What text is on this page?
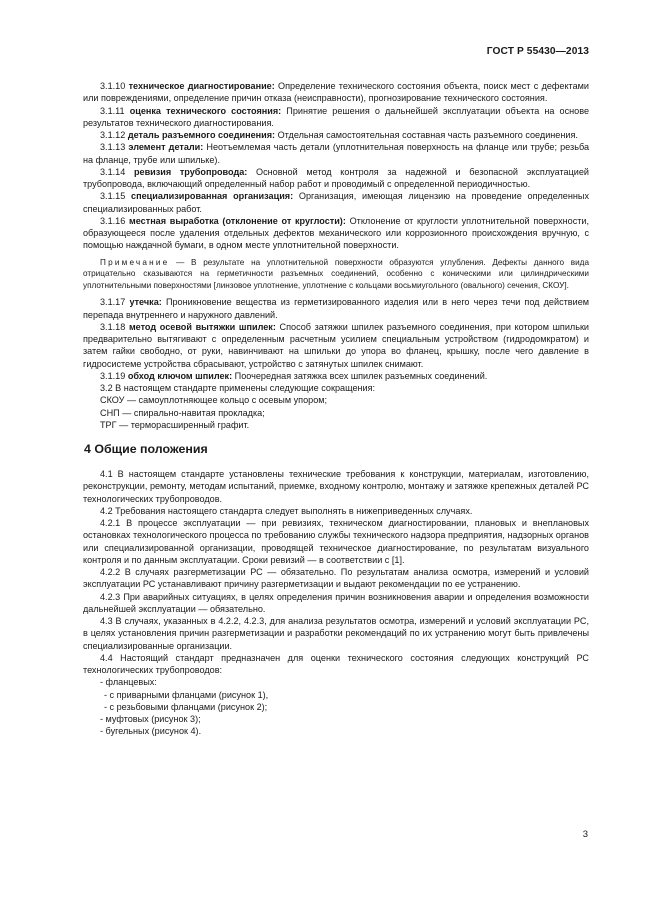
ГОСТ Р 55430—2013

3.1.10 техническое диагностирование: Определение технического состояния объекта, поиск мест с дефектами или повреждениями, определение причин отказа (неисправности), прогнозирование технического состояния.

3.1.11 оценка технического состояния: Принятие решения о дальнейшей эксплуатации объекта на основе результатов технического диагностирования.

3.1.12 деталь разъемного соединения: Отдельная самостоятельная составная часть разъемного соединения.

3.1.13 элемент детали: Неотъемлемая часть детали (уплотнительная поверхность на фланце или трубе; резьба на фланце, трубе или шпильке).

3.1.14 ревизия трубопровода: Основной метод контроля за надежной и безопасной эксплуатацией трубопровода, включающий определенный набор работ и проводимый с определенной периодичностью.

3.1.15 специализированная организация: Организация, имеющая лицензию на проведение определенных специализированных работ.

3.1.16 местная выработка (отклонение от круглости): Отклонение от круглости уплотнительной поверхности, образующееся после удаления отдельных дефектов механического или коррозионного происхождения вручную, с помощью наждачной бумаги, в одном месте уплотнительной поверхности.

Примечание — В результате на уплотнительной поверхности образуются углубления. Дефекты данного вида отрицательно сказываются на герметичности разъемных соединений, особенно с коническими или цилиндрическими уплотнительными поверхностями [линзовое уплотнение, уплотнение с кольцами восьмиугольного (овального) сечения, СКОУ].

3.1.17 утечка: Проникновение вещества из герметизированного изделия или в него через течи под действием перепада внутреннего и наружного давлений.

3.1.18 метод осевой вытяжки шпилек: Способ затяжки шпилек разъемного соединения, при котором шпильки предварительно вытягивают с определенным расчетным усилием специальным устройством (гидродомкратом) и затем гайки свободно, от руки, навинчивают на шпильки до упора во фланец, крышку, после чего давление в гидросистеме устройства сбрасывают, устройство с затянутых шпилек снимают.

3.1.19 обход ключом шпилек: Поочередная затяжка всех шпилек разъемных соединений.

3.2 В настоящем стандарте применены следующие сокращения:

СКОУ — самоуплотняющее кольцо с осевым упором;

СНП — спирально-навитая прокладка;

ТРГ — терморасширенный графит.

4 Общие положения

4.1 В настоящем стандарте установлены технические требования к конструкции, материалам, изготовлению, реконструкции, ремонту, методам испытаний, приемке, входному контролю, монтажу и затяжке крепежных деталей РС технологических трубопроводов.

4.2 Требования настоящего стандарта следует выполнять в нижеприведенных случаях.

4.2.1 В процессе эксплуатации — при ревизиях, техническом диагностировании, плановых и внеплановых остановках технологического процесса по требованию службы технического надзора предприятия, надзорных органов или специализированной организации, проводящей техническое диагностирование, по результатам визуального контроля и по данным эксплуатации. Сроки ревизий — в соответствии с [1].

4.2.2 В случаях разгерметизации РС — обязательно. По результатам анализа осмотра, измерений и условий эксплуатации РС устанавливают причину разгерметизации и выдают рекомендации по ее устранению.

4.2.3 При аварийных ситуациях, в целях определения причин возникновения аварии и определения возможности дальнейшей эксплуатации — обязательно.

4.3 В случаях, указанных в 4.2.2, 4.2.3, для анализа результатов осмотра, измерений и условий эксплуатации РС, в целях установления причин разгерметизации и разработки рекомендаций по их устранению могут быть привлечены специализированные организации.

4.4 Настоящий стандарт предназначен для оценки технического состояния следующих конструкций РС технологических трубопроводов:

- фланцевых:

- с приварными фланцами (рисунок 1),

- с резьбовыми фланцами (рисунок 2);

- муфтовых (рисунок 3);

- бугельных (рисунок 4).

3
